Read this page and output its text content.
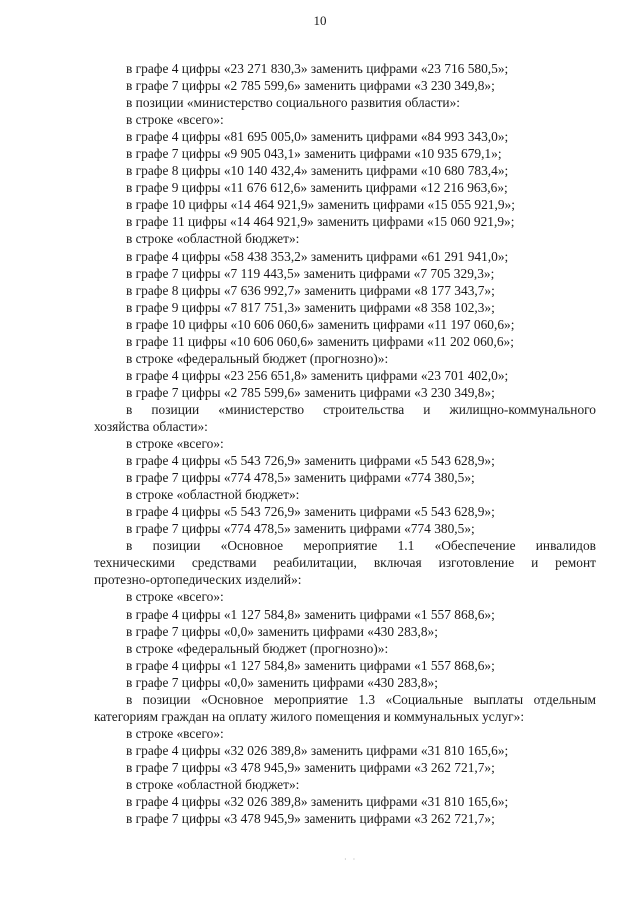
10
в графе 4 цифры «23 271 830,3» заменить цифрами «23 716 580,5»;
в графе 7 цифры «2 785 599,6» заменить цифрами «3 230 349,8»;
в позиции «министерство социального развития области»:
в строке «всего»:
в графе 4 цифры «81 695 005,0» заменить цифрами «84 993 343,0»;
в графе 7 цифры «9 905 043,1» заменить цифрами «10 935 679,1»;
в графе 8 цифры «10 140 432,4» заменить цифрами «10 680 783,4»;
в графе 9 цифры «11 676 612,6» заменить цифрами «12 216 963,6»;
в графе 10 цифры «14 464 921,9» заменить цифрами «15 055 921,9»;
в графе 11 цифры «14 464 921,9» заменить цифрами «15 060 921,9»;
в строке «областной бюджет»:
в графе 4 цифры «58 438 353,2» заменить цифрами «61 291 941,0»;
в графе 7 цифры «7 119 443,5» заменить цифрами «7 705 329,3»;
в графе 8 цифры «7 636 992,7» заменить цифрами «8 177 343,7»;
в графе 9 цифры «7 817 751,3» заменить цифрами «8 358 102,3»;
в графе 10 цифры «10 606 060,6» заменить цифрами «11 197 060,6»;
в графе 11 цифры «10 606 060,6» заменить цифрами «11 202 060,6»;
в строке «федеральный бюджет (прогнозно)»:
в графе 4 цифры «23 256 651,8» заменить цифрами «23 701 402,0»;
в графе 7 цифры «2 785 599,6» заменить цифрами «3 230 349,8»;
в позиции «министерство строительства и жилищно-коммунального
хозяйства области»:
в строке «всего»:
в графе 4 цифры «5 543 726,9» заменить цифрами «5 543 628,9»;
в графе 7 цифры «774 478,5» заменить цифрами «774 380,5»;
в строке «областной бюджет»:
в графе 4 цифры «5 543 726,9» заменить цифрами «5 543 628,9»;
в графе 7 цифры «774 478,5» заменить цифрами «774 380,5»;
в позиции «Основное мероприятие 1.1 «Обеспечение инвалидов
техническими средствами реабилитации, включая изготовление и ремонт
протезно-ортопедических изделий»:
в строке «всего»:
в графе 4 цифры «1 127 584,8» заменить цифрами «1 557 868,6»;
в графе 7 цифры «0,0» заменить цифрами «430 283,8»;
в строке «федеральный бюджет (прогнозно)»:
в графе 4 цифры «1 127 584,8» заменить цифрами «1 557 868,6»;
в графе 7 цифры «0,0» заменить цифрами «430 283,8»;
в позиции «Основное мероприятие 1.3 «Социальные выплаты отдельным
категориям граждан на оплату жилого помещения и коммунальных услуг»:
в строке «всего»:
в графе 4 цифры «32 026 389,8» заменить цифрами «31 810 165,6»;
в графе 7 цифры «3 478 945,9» заменить цифрами «3 262 721,7»;
в строке «областной бюджет»:
в графе 4 цифры «32 026 389,8» заменить цифрами «31 810 165,6»;
в графе 7 цифры «3 478 945,9» заменить цифрами «3 262 721,7»;
· ·
